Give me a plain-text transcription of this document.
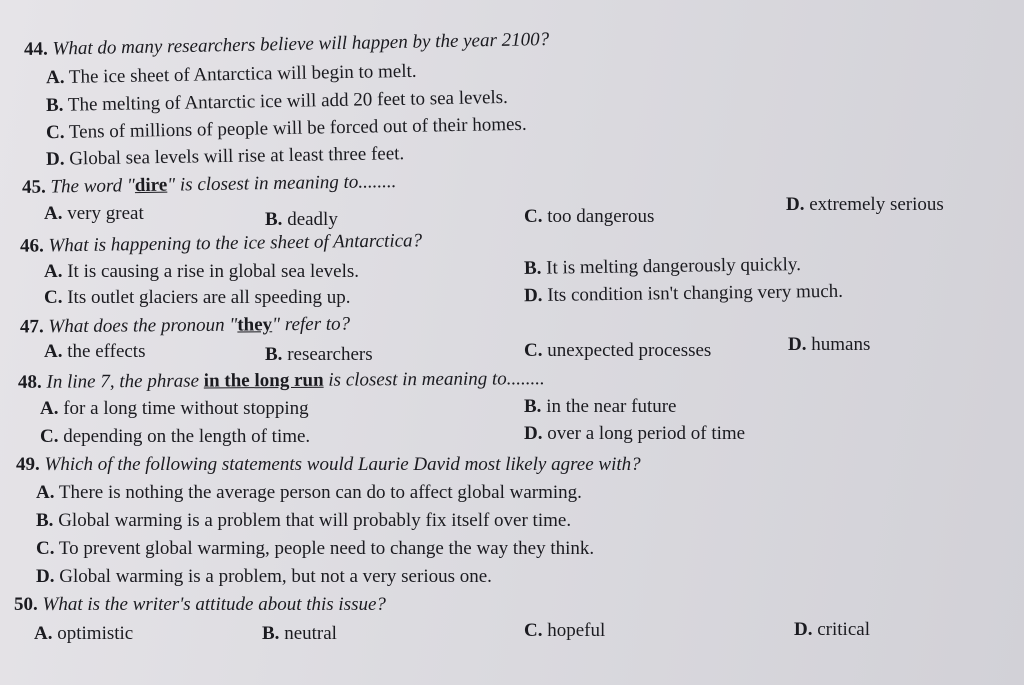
44. What do many researchers believe will happen by the year 2100?
A. The ice sheet of Antarctica will begin to melt.
B. The melting of Antarctic ice will add 20 feet to sea levels.
C. Tens of millions of people will be forced out of their homes.
D. Global sea levels will rise at least three feet.
45. The word "dire" is closest in meaning to........
A. very great	B. deadly	C. too dangerous
D. extremely serious
46. What is happening to the ice sheet of Antarctica?
A. It is causing a rise in global sea levels.	B. It is melting dangerously quickly.
C. Its outlet glaciers are all speeding up.	D. Its condition isn't changing very much.
47. What does the pronoun "they" refer to?
A. the effects	B. researchers	C. unexpected processes	D. humans
48. In line 7, the phrase in the long run is closest in meaning to........
A. for a long time without stopping	B. in the near future
C. depending on the length of time.	D. over a long period of time
49. Which of the following statements would Laurie David most likely agree with?
A. There is nothing the average person can do to affect global warming.
B. Global warming is a problem that will probably fix itself over time.
C. To prevent global warming, people need to change the way they think.
D. Global warming is a problem, but not a very serious one.
50. What is the writer's attitude about this issue?
A. optimistic	B. neutral	C. hopeful	D. critical
